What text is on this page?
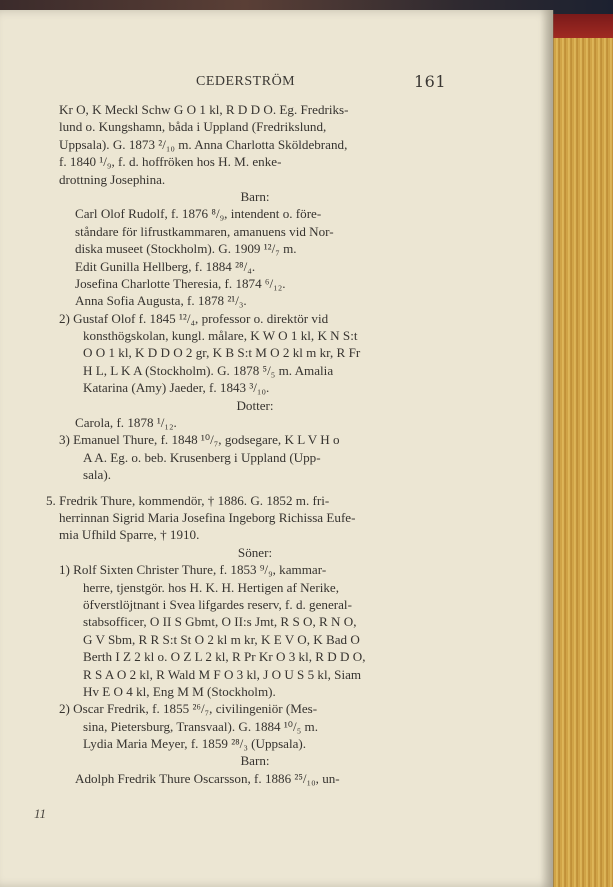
CEDERSTRÖM	161
Kr O, K Meckl Schw G O 1 kl, R D D O. Eg. Fredriks-
lund o. Kungshamn, båda i Uppland (Fredrikslund,
Uppsala). G. 1873 ²/₁₀ m. Anna Charlotta Sköldebrand,
f. 1840 ¹/₉, f. d. hoffröken hos H. M. enke-
drottning Josephina.
Barn:
Carl Olof Rudolf, f. 1876 ⁸/₉, intendent o. före-
ståndare för lifrustkammaren, amanuens vid Nor-
diska museet (Stockholm). G. 1909 ¹²/₇ m.
Edit Gunilla Hellberg, f. 1884 ²⁸/₄.
Josefina Charlotte Theresia, f. 1874 ⁶/₁₂.
Anna Sofia Augusta, f. 1878 ²¹/₃.
2) Gustaf Olof f. 1845 ¹²/₄, professor o. direktör vid
konsthögskolan, kungl. målare, K W O 1 kl, K N S:t
O O 1 kl, K D D O 2 gr, K B S:t M O 2 kl m kr, R Fr
H L, L K A (Stockholm). G. 1878 ⁵/₅ m. Amalia
Katarina (Amy) Jaeder, f. 1843 ³/₁₀.
Dotter:
Carola, f. 1878 ¹/₁₂.
3) Emanuel Thure, f. 1848 ¹⁰/₇, godsegare, K L V H o
A A. Eg. o. beb. Krusenberg i Uppland (Upp-
sala).
5. Fredrik Thure, kommendör, † 1886. G. 1852 m. fri-
herrinnan Sigrid Maria Josefina Ingeborg Richissa Eufe-
mia Ufhild Sparre, † 1910.
Söner:
1) Rolf Sixten Christer Thure, f. 1853 ⁹/₉, kammar-
herre, tjenstgör. hos H. K. H. Hertigen af Nerike,
öfverstlöjtnant i Svea lifgardes reserv, f. d. general-
stabsofficer, O II S Gbmt, O II:s Jmt, R S O, R N O,
G V Sbm, R R S:t St O 2 kl m kr, K E V O, K Bad O
Berth I Z 2 kl o. O Z L 2 kl, R Pr Kr O 3 kl, R D D O,
R S A O 2 kl, R Wald M F O 3 kl, J O U S 5 kl, Siam
Hv E O 4 kl, Eng M M (Stockholm).
2) Oscar Fredrik, f. 1855 ²⁶/₇, civilingeniör (Mes-
sina, Pietersburg, Transvaal). G. 1884 ¹⁰/₅ m.
Lydia Maria Meyer, f. 1859 ²⁸/₃ (Uppsala).
Barn:
Adolph Fredrik Thure Oscarsson, f. 1886 ²⁵/₁₀, un-
11
